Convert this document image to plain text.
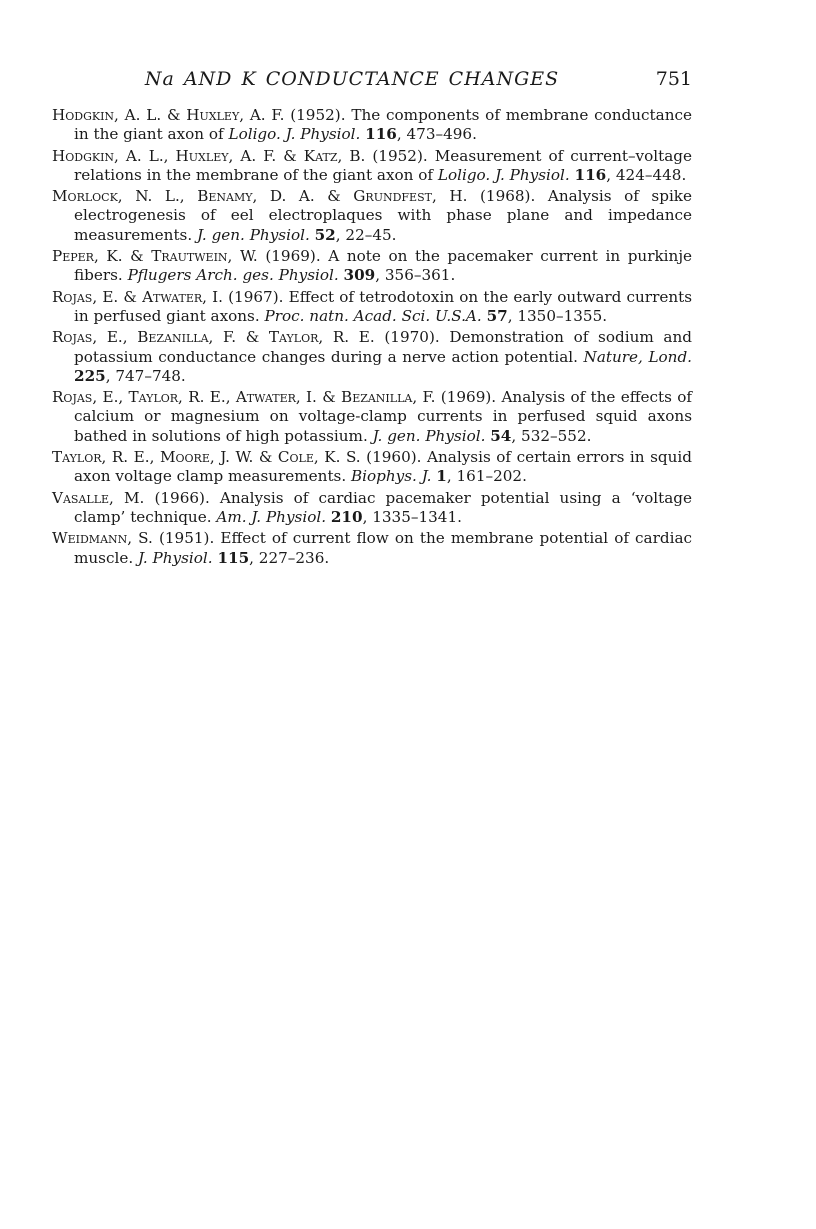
Na AND K CONDUCTANCE CHANGES	751
Hodgkin, A. L. & Huxley, A. F. (1952). The components of membrane conductance in the giant axon of Loligo. J. Physiol. 116, 473–496.
Hodgkin, A. L., Huxley, A. F. & Katz, B. (1952). Measurement of current–voltage relations in the membrane of the giant axon of Loligo. J. Physiol. 116, 424–448.
Morlock, N. L., Benamy, D. A. & Grundfest, H. (1968). Analysis of spike electrogenesis of eel electroplaques with phase plane and impedance measurements. J. gen. Physiol. 52, 22–45.
Peper, K. & Trautwein, W. (1969). A note on the pacemaker current in purkinje fibers. Pflugers Arch. ges. Physiol. 309, 356–361.
Rojas, E. & Atwater, I. (1967). Effect of tetrodotoxin on the early outward currents in perfused giant axons. Proc. natn. Acad. Sci. U.S.A. 57, 1350–1355.
Rojas, E., Bezanilla, F. & Taylor, R. E. (1970). Demonstration of sodium and potassium conductance changes during a nerve action potential. Nature, Lond. 225, 747–748.
Rojas, E., Taylor, R. E., Atwater, I. & Bezanilla, F. (1969). Analysis of the effects of calcium or magnesium on voltage-clamp currents in perfused squid axons bathed in solutions of high potassium. J. gen. Physiol. 54, 532–552.
Taylor, R. E., Moore, J. W. & Cole, K. S. (1960). Analysis of certain errors in squid axon voltage clamp measurements. Biophys. J. 1, 161–202.
Vasalle, M. (1966). Analysis of cardiac pacemaker potential using a ‘voltage clamp’ technique. Am. J. Physiol. 210, 1335–1341.
Weidmann, S. (1951). Effect of current flow on the membrane potential of cardiac muscle. J. Physiol. 115, 227–236.
